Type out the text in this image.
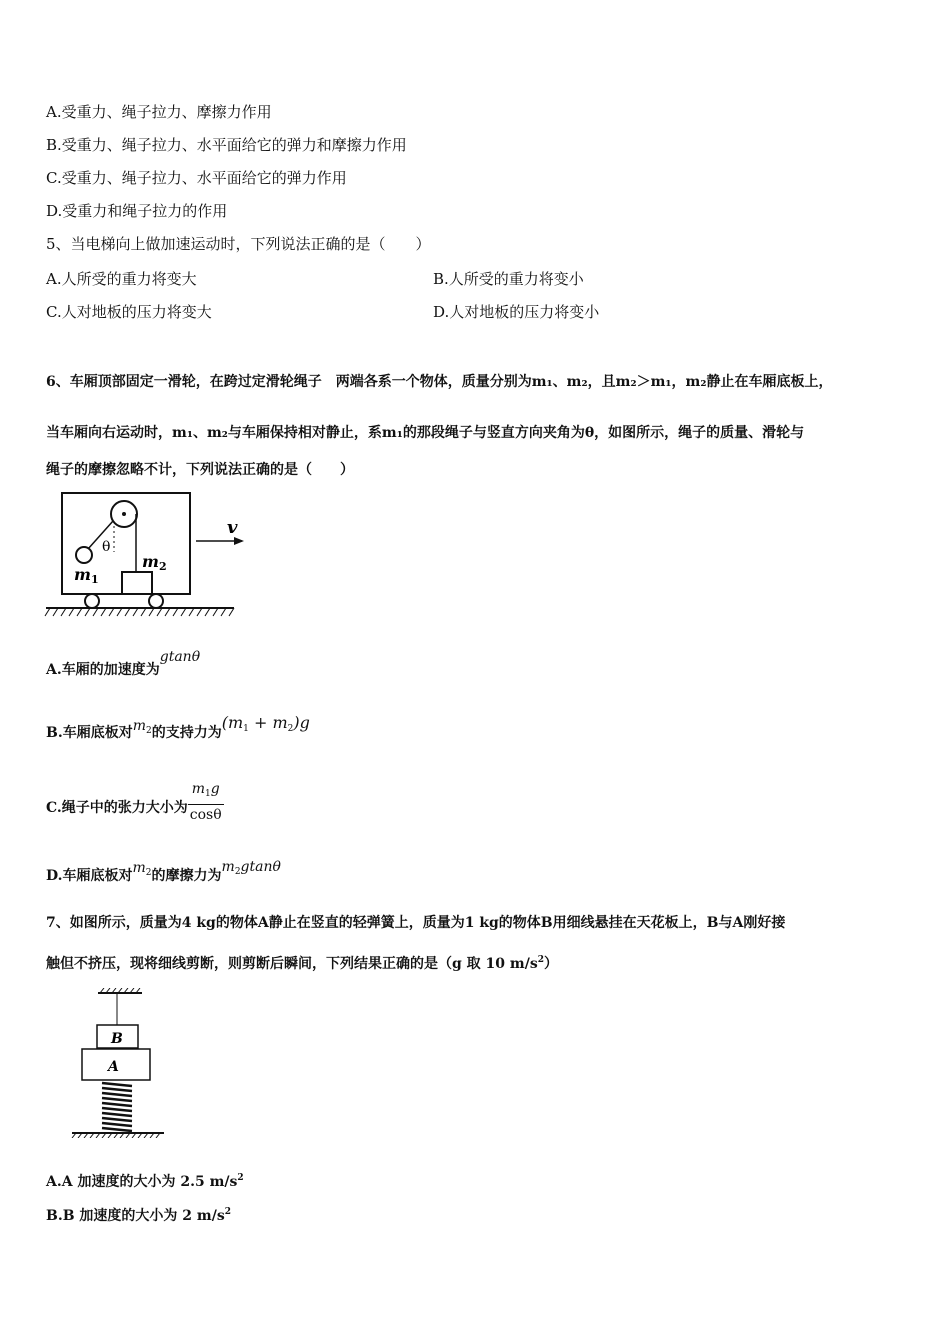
A.受重力、绳子拉力、摩擦力作用
B.受重力、绳子拉力、水平面给它的弹力和摩擦力作用
C.受重力、绳子拉力、水平面给它的弹力作用
D.受重力和绳子拉力的作用
5、当电梯向上做加速运动时，下列说法正确的是（　　）
A.人所受的重力将变大	B.人所受的重力将变小
C.人对地板的压力将变大	D.人对地板的压力将变小
6、车厢顶部固定一滑轮，在跨过定滑轮绳子　两端各系一个物体，质量分别为m₁、m₂，且m₂＞m₁，m₂静止在车厢底板上，
当车厢向右运动时，m₁、m₂与车厢保持相对静止，系m₁的那段绳子与竖直方向夹角为θ，如图所示，绳子的质量、滑轮与
绳子的摩擦忽略不计，下列说法正确的是（　　）
v
θ
m1
m2
A.车厢的加速度为gtanθ
B.车厢底板对$m_2$的支持力为$(m_1 + m_2)g$
C.绳子中的张力大小为 $\frac{m_1g}{\cos\theta}$
D.车厢底板对$m_2$的摩擦力为$m_2gtan\theta$
7、如图所示，质量为4 kg的物体A静止在竖直的轻弹簧上，质量为1 kg的物体B用细线悬挂在天花板上，B与A刚好接
触但不挤压，现将细线剪断，则剪断后瞬间，下列结果正确的是（g 取 10 $m/s^2$）
B
A
A.A 加速度的大小为 2.5 $m/s^2$
B.B 加速度的大小为 2 $m/s^2$
